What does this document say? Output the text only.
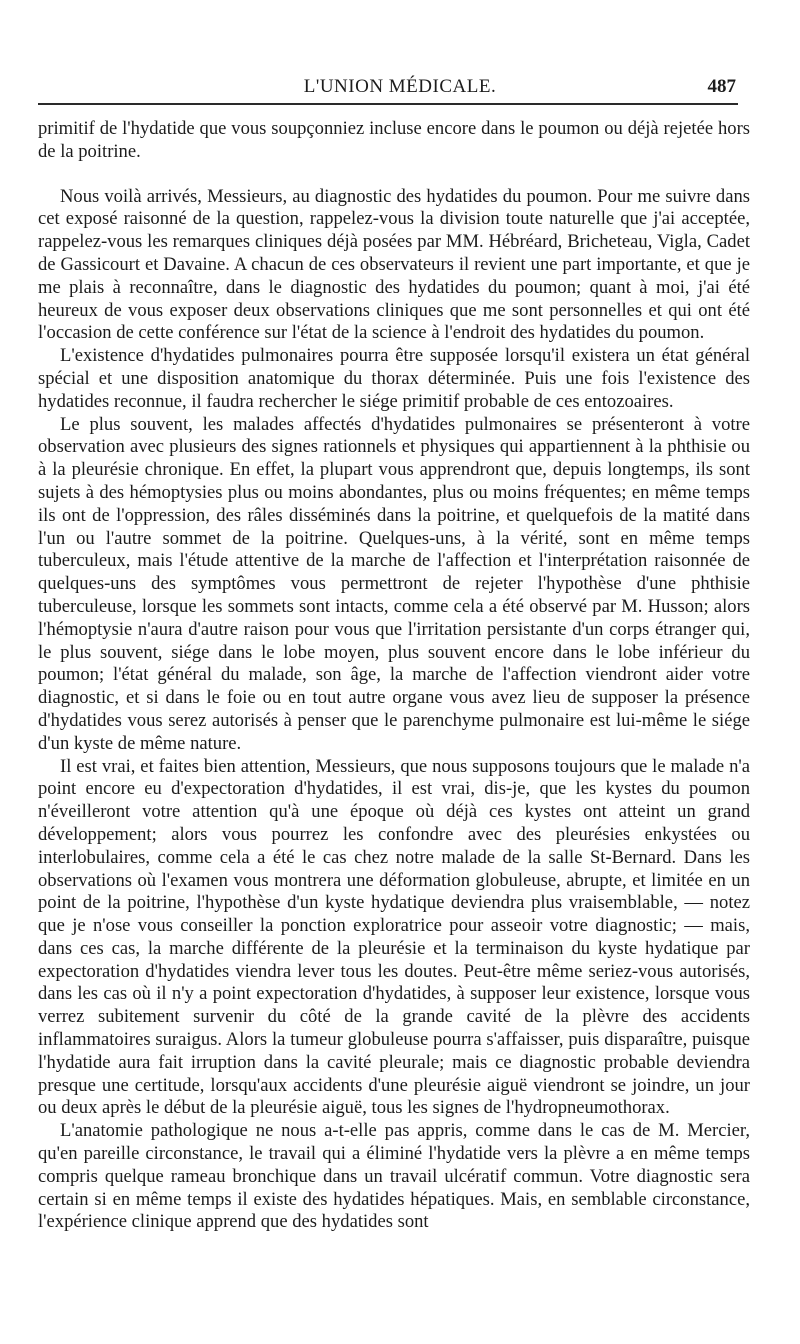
L'UNION MÉDICALE.	487

primitif de l'hydatide que vous soupçonniez incluse encore dans le poumon ou déjà rejetée hors de la poitrine.

Nous voilà arrivés, Messieurs, au diagnostic des hydatides du poumon. Pour me suivre dans cet exposé raisonné de la question, rappelez-vous la division toute naturelle que j'ai acceptée, rappelez-vous les remarques cliniques déjà posées par MM. Hébréard, Bricheteau, Vigla, Cadet de Gassicourt et Davaine. A chacun de ces observateurs il revient une part importante, et que je me plais à reconnaître, dans le diagnostic des hydatides du poumon; quant à moi, j'ai été heureux de vous exposer deux observations cliniques que me sont personnelles et qui ont été l'occasion de cette conférence sur l'état de la science à l'endroit des hydatides du poumon.

L'existence d'hydatides pulmonaires pourra être supposée lorsqu'il existera un état général spécial et une disposition anatomique du thorax déterminée. Puis une fois l'existence des hydatides reconnue, il faudra rechercher le siége primitif probable de ces entozoaires.

Le plus souvent, les malades affectés d'hydatides pulmonaires se présenteront à votre observation avec plusieurs des signes rationnels et physiques qui appartiennent à la phthisie ou à la pleurésie chronique. En effet, la plupart vous apprendront que, depuis longtemps, ils sont sujets à des hémoptysies plus ou moins abondantes, plus ou moins fréquentes; en même temps ils ont de l'oppression, des râles disséminés dans la poitrine, et quelquefois de la matité dans l'un ou l'autre sommet de la poitrine. Quelques-uns, à la vérité, sont en même temps tuberculeux, mais l'étude attentive de la marche de l'affection et l'interprétation raisonnée de quelques-uns des symptômes vous permettront de rejeter l'hypothèse d'une phthisie tuberculeuse, lorsque les sommets sont intacts, comme cela a été observé par M. Husson; alors l'hémoptysie n'aura d'autre raison pour vous que l'irritation persistante d'un corps étranger qui, le plus souvent, siége dans le lobe moyen, plus souvent encore dans le lobe inférieur du poumon; l'état général du malade, son âge, la marche de l'affection viendront aider votre diagnostic, et si dans le foie ou en tout autre organe vous avez lieu de supposer la présence d'hydatides vous serez autorisés à penser que le parenchyme pulmonaire est lui-même le siége d'un kyste de même nature.

Il est vrai, et faites bien attention, Messieurs, que nous supposons toujours que le malade n'a point encore eu d'expectoration d'hydatides, il est vrai, dis-je, que les kystes du poumon n'éveilleront votre attention qu'à une époque où déjà ces kystes ont atteint un grand développement; alors vous pourrez les confondre avec des pleurésies enkystées ou interlobulaires, comme cela a été le cas chez notre malade de la salle St-Bernard. Dans les observations où l'examen vous montrera une déformation globuleuse, abrupte, et limitée en un point de la poitrine, l'hypothèse d'un kyste hydatique deviendra plus vraisemblable, — notez que je n'ose vous conseiller la ponction exploratrice pour asseoir votre diagnostic; — mais, dans ces cas, la marche différente de la pleurésie et la terminaison du kyste hydatique par expectoration d'hydatides viendra lever tous les doutes. Peut-être même seriez-vous autorisés, dans les cas où il n'y a point expectoration d'hydatides, à supposer leur existence, lorsque vous verrez subitement survenir du côté de la grande cavité de la plèvre des accidents inflammatoires suraigus. Alors la tumeur globuleuse pourra s'affaisser, puis disparaître, puisque l'hydatide aura fait irruption dans la cavité pleurale; mais ce diagnostic probable deviendra presque une certitude, lorsqu'aux accidents d'une pleurésie aiguë viendront se joindre, un jour ou deux après le début de la pleurésie aiguë, tous les signes de l'hydropneumothorax.

L'anatomie pathologique ne nous a-t-elle pas appris, comme dans le cas de M. Mercier, qu'en pareille circonstance, le travail qui a éliminé l'hydatide vers la plèvre a en même temps compris quelque rameau bronchique dans un travail ulcératif commun. Votre diagnostic sera certain si en même temps il existe des hydatides hépatiques. Mais, en semblable circonstance, l'expérience clinique apprend que des hydatides sont
